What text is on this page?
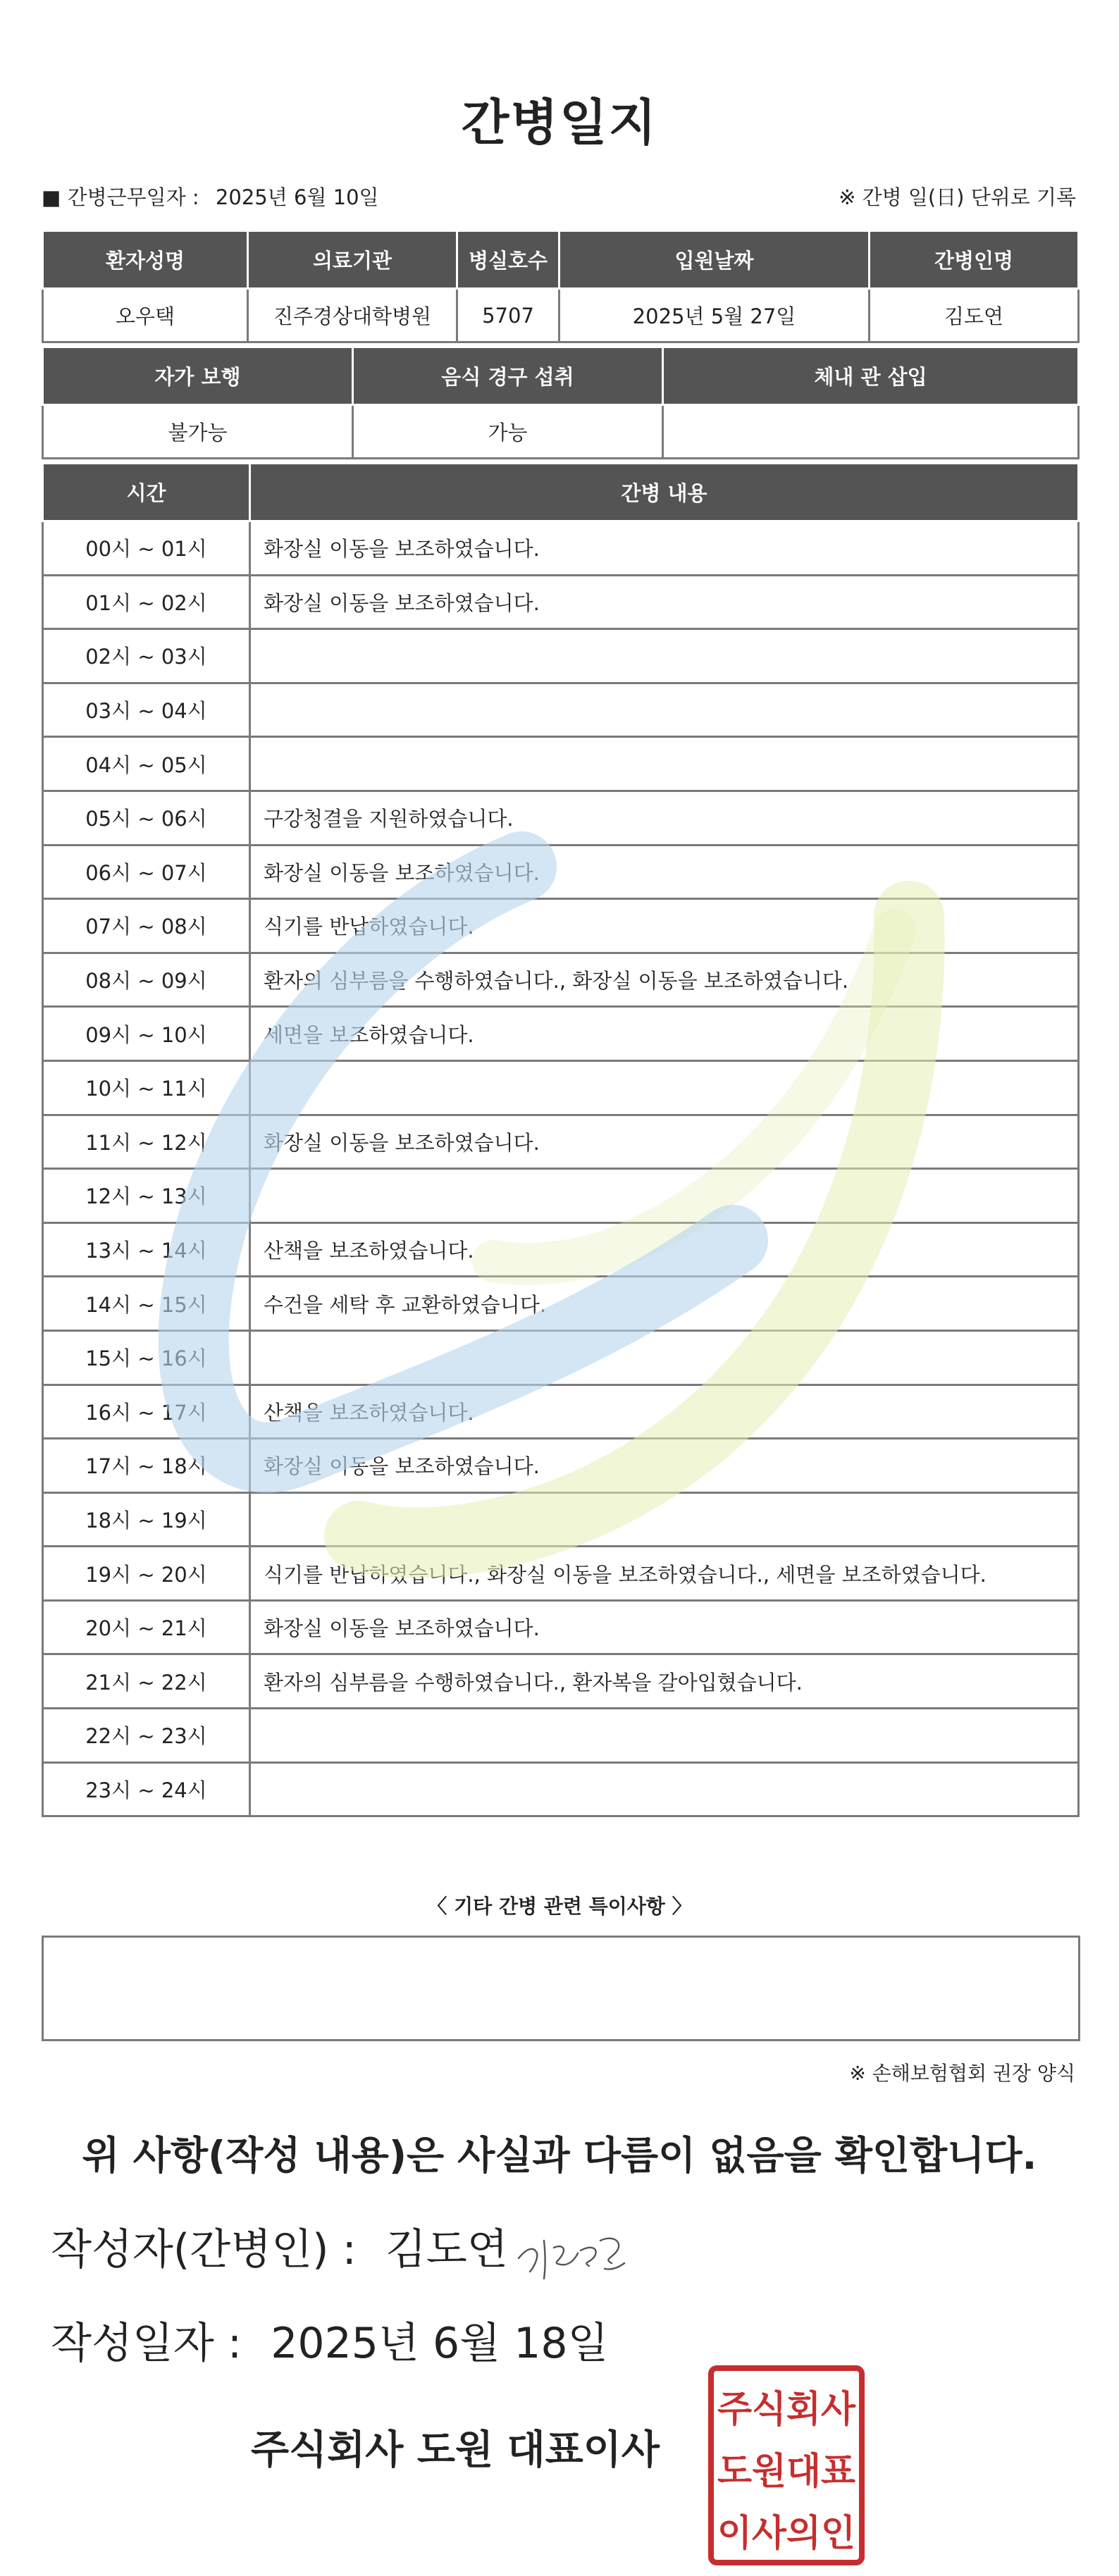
간병일지
■ 간병근무일자 : 2025년 6월 10일	※ 간병 일(日) 단위로 기록
환자성명	의료기관	병실호수	입원날짜	간병인명
오우택	진주경상대학병원	5707	2025년 5월 27일	김도연
자가 보행	음식 경구 섭취	체내 관 삽입
불가능	가능	
시간	간병 내용
00시 ~ 01시	화장실 이동을 보조하였습니다.
01시 ~ 02시	화장실 이동을 보조하였습니다.
02시 ~ 03시	
03시 ~ 04시	
04시 ~ 05시	
05시 ~ 06시	구강청결을 지원하였습니다.
06시 ~ 07시	화장실 이동을 보조하였습니다.
07시 ~ 08시	식기를 반납하였습니다.
08시 ~ 09시	환자의 심부름을 수행하였습니다., 화장실 이동을 보조하였습니다.
09시 ~ 10시	세면을 보조하였습니다.
10시 ~ 11시	
11시 ~ 12시	화장실 이동을 보조하였습니다.
12시 ~ 13시	
13시 ~ 14시	산책을 보조하였습니다.
14시 ~ 15시	수건을 세탁 후 교환하였습니다.
15시 ~ 16시	
16시 ~ 17시	산책을 보조하였습니다.
17시 ~ 18시	화장실 이동을 보조하였습니다.
18시 ~ 19시	
19시 ~ 20시	식기를 반납하였습니다., 화장실 이동을 보조하였습니다., 세면을 보조하였습니다.
20시 ~ 21시	화장실 이동을 보조하였습니다.
21시 ~ 22시	환자의 심부름을 수행하였습니다., 환자복을 갈아입혔습니다.
22시 ~ 23시	
23시 ~ 24시	
〈 기타 간병 관련 특이사항 〉
※ 손해보험협회 권장 양식
위 사항(작성 내용)은 사실과 다름이 없음을 확인합니다.
작성자(간병인) : 김도연
작성일자 : 2025년 6월 18일
주식회사 도원 대표이사
주식회사
도원대표
이사의인
